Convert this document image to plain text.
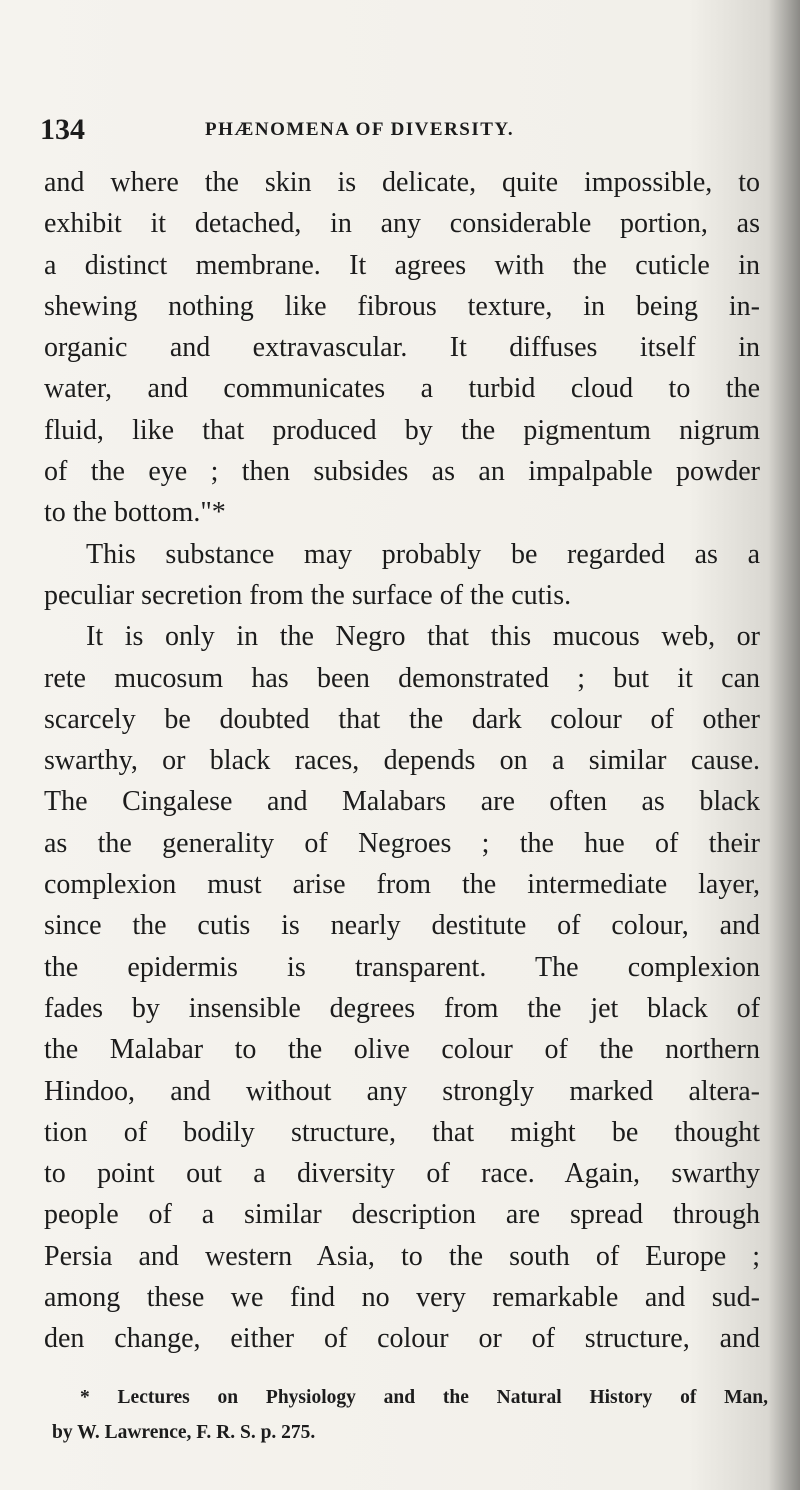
134	PHÆNOMENA OF DIVERSITY.
and where the skin is delicate, quite impossible, to
exhibit it detached, in any considerable portion, as
a distinct membrane. It agrees with the cuticle in
shewing nothing like fibrous texture, in being in-
organic and extravascular. It diffuses itself in
water, and communicates a turbid cloud to the
fluid, like that produced by the pigmentum nigrum
of the eye ; then subsides as an impalpable powder
to the bottom."*
This substance may probably be regarded as a
peculiar secretion from the surface of the cutis.
It is only in the Negro that this mucous web, or
rete mucosum has been demonstrated ; but it can
scarcely be doubted that the dark colour of other
swarthy, or black races, depends on a similar cause.
The Cingalese and Malabars are often as black
as the generality of Negroes ; the hue of their
complexion must arise from the intermediate layer,
since the cutis is nearly destitute of colour, and
the epidermis is transparent. The complexion
fades by insensible degrees from the jet black of
the Malabar to the olive colour of the northern
Hindoo, and without any strongly marked altera-
tion of bodily structure, that might be thought
to point out a diversity of race. Again, swarthy
people of a similar description are spread through
Persia and western Asia, to the south of Europe ;
among these we find no very remarkable and sud-
den change, either of colour or of structure, and
* Lectures on Physiology and the Natural History of Man,
by W. Lawrence, F. R. S. p. 275.
